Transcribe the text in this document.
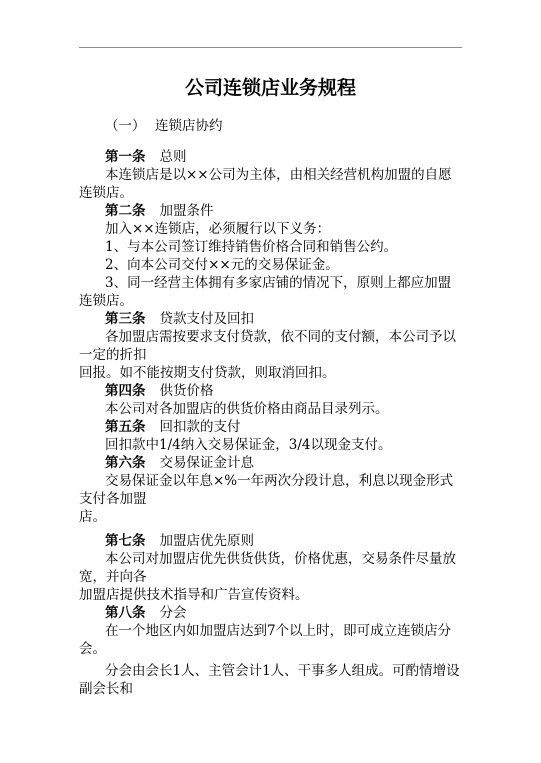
公司连锁店业务规程
（一） 连锁店协约
第一条 总则
本连锁店是以××公司为主体，由相关经营机构加盟的自愿
连锁店。
第二条 加盟条件
加入××连锁店，必须履行以下义务：
1、与本公司签订维持销售价格合同和销售公约。
2、向本公司交付××元的交易保证金。
3、同一经营主体拥有多家店铺的情况下，原则上都应加盟
连锁店。
第三条 贷款支付及回扣
各加盟店需按要求支付贷款，依不同的支付额，本公司予以
一定的折扣
回报。如不能按期支付贷款，则取消回扣。
第四条 供货价格
本公司对各加盟店的供货价格由商品目录列示。
第五条 回扣款的支付
回扣款中1/4纳入交易保证金，3/4以现金支付。
第六条 交易保证金计息
交易保证金以年息×%一年两次分段计息，利息以现金形式
支付各加盟
店。
第七条 加盟店优先原则
本公司对加盟店优先供货供货，价格优惠，交易条件尽量放
宽，并向各
加盟店提供技术指导和广告宣传资料。
第八条 分会
在一个地区内如加盟店达到7个以上时，即可成立连锁店分
会。
分会由会长1人、主管会计1人、干事多人组成。可酌情增设
副会长和
